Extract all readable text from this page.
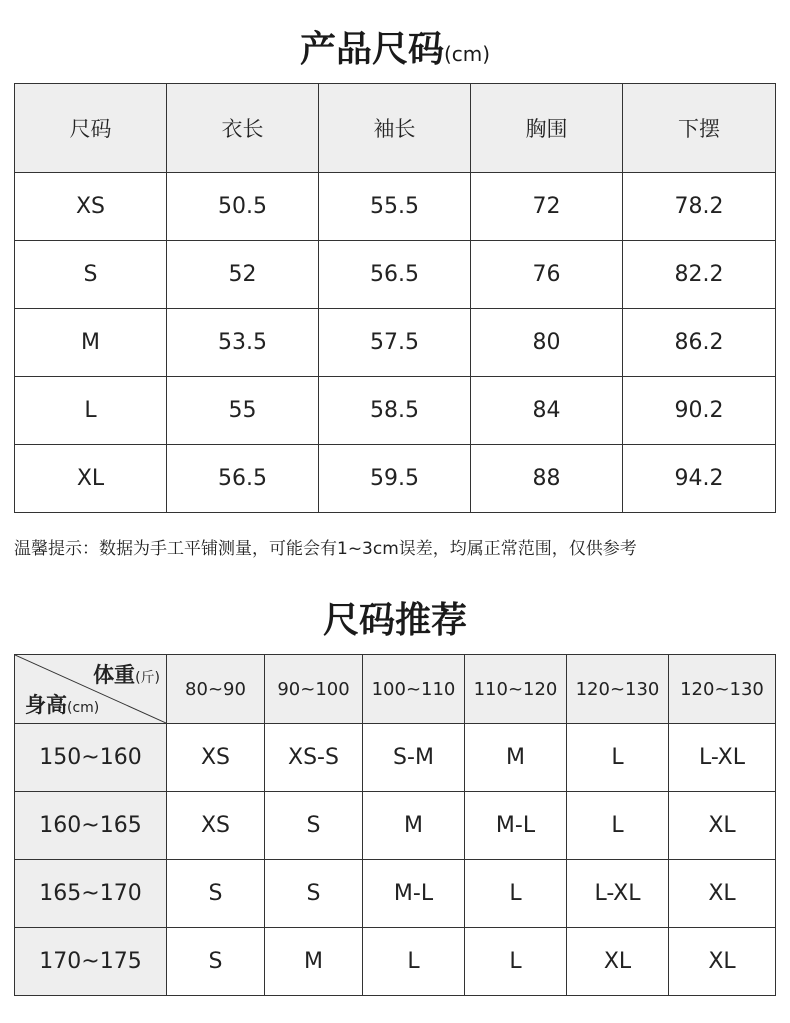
产品尺码(cm)
尺码	衣长	袖长	胸围	下摆
XS	50.5	55.5	72	78.2
S	52	56.5	76	82.2
M	53.5	57.5	80	86.2
L	55	58.5	84	90.2
XL	56.5	59.5	88	94.2
温馨提示：数据为手工平铺测量，可能会有1~3cm误差，均属正常范围，仅供参考
尺码推荐
体重(斤)
身高(cm)	80~90	90~100	100~110	110~120	120~130	120~130
150~160	XS	XS-S	S-M	M	L	L-XL
160~165	XS	S	M	M-L	L	XL
165~170	S	S	M-L	L	L-XL	XL
170~175	S	M	L	L	XL	XL
